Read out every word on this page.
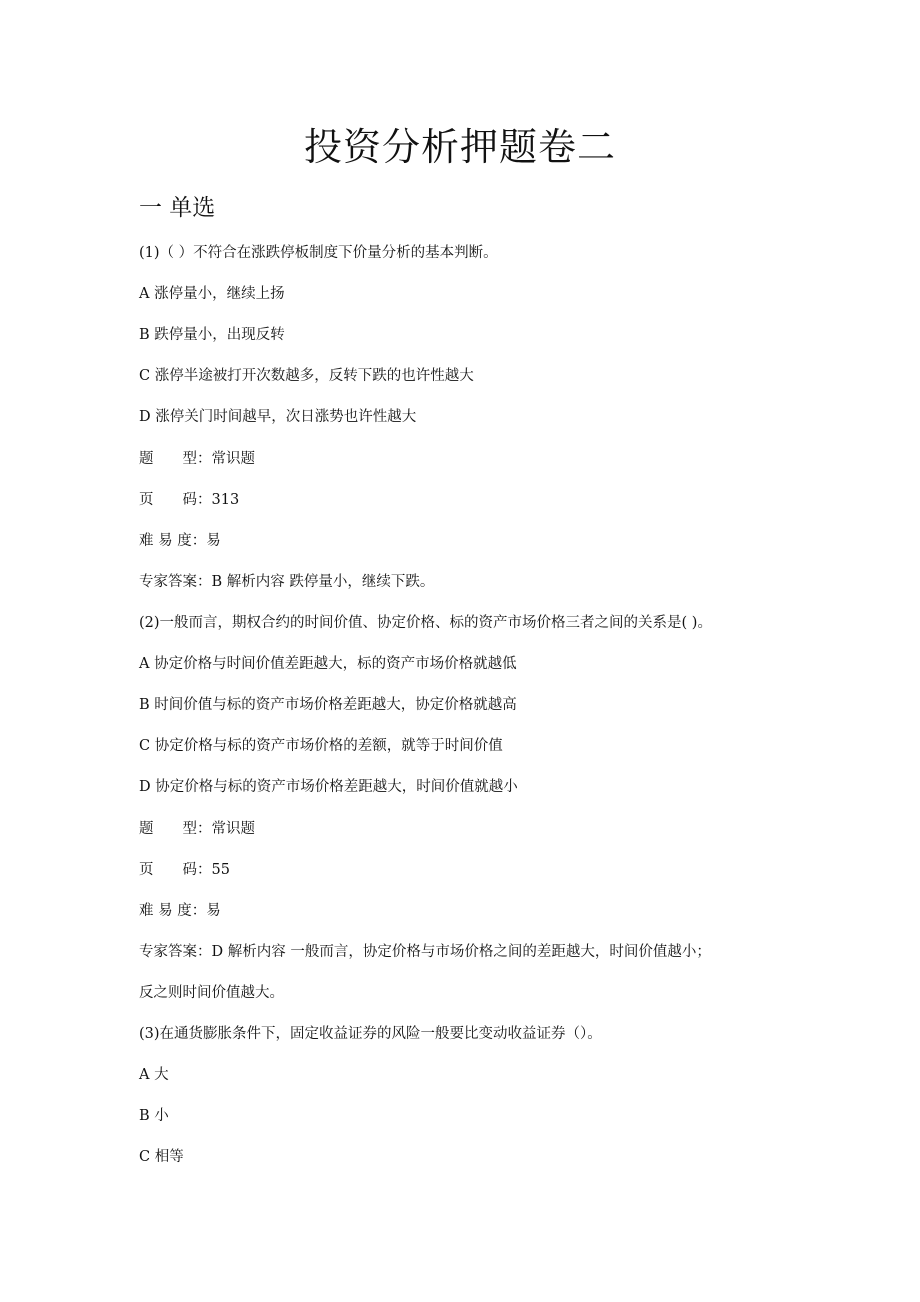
投资分析押题卷二
一 单选
(1)（ ）不符合在涨跌停板制度下价量分析的基本判断。
A 涨停量小，继续上扬
B 跌停量小，出现反转
C 涨停半途被打开次数越多，反转下跌的也许性越大
D 涨停关门时间越早，次日涨势也许性越大
题　　型：常识题
页　　码：313
难 易 度：易
专家答案：B 解析内容 跌停量小，继续下跌。
(2)一般而言，期权合约的时间价值、协定价格、标的资产市场价格三者之间的关系是( )。
A 协定价格与时间价值差距越大，标的资产市场价格就越低
B 时间价值与标的资产市场价格差距越大，协定价格就越高
C 协定价格与标的资产市场价格的差额，就等于时间价值
D 协定价格与标的资产市场价格差距越大，时间价值就越小
题　　型：常识题
页　　码：55
难 易 度：易
专家答案：D 解析内容 一般而言，协定价格与市场价格之间的差距越大，时间价值越小；
反之则时间价值越大。
(3)在通货膨胀条件下，固定收益证券的风险一般要比变动收益证券（）。
A 大
B 小
C 相等
